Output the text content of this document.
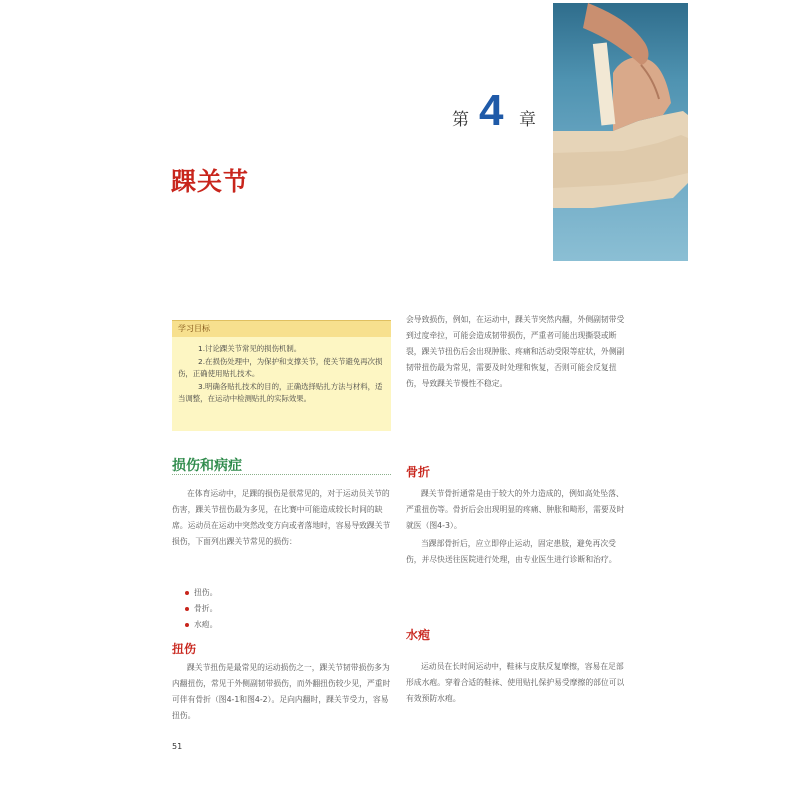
第 4 章
踝关节
学习目标

1.讨论踝关节常见的损伤机制。

2.在损伤处理中，为保护和支撑关节，使关节避免再次损伤，正确使用贴扎技术。

3.明确各贴扎技术的目的，正确选择贴扎方法与材料，适当调整，在运动中检测贴扎的实际效果。

损伤和病症

在体育运动中，足踝的损伤是很常见的，对于运动员关节的伤害，踝关节扭伤最为多见，在比赛中可能造成较长时间的缺席。运动员在运动中突然改变方向或者落地时，容易导致踝关节损伤，下面列出踝关节常见的损伤：

扭伤。
骨折。
水疱。
扭伤

踝关节扭伤是最常见的运动损伤之一，踝关节韧带损伤多为内翻扭伤，常见于外侧副韧带损伤，而外翻扭伤较少见，严重时可伴有骨折（图4-1和图4-2）。足向内翻时，踝关节受力，容易扭伤。

会导致损伤，例如，在运动中，踝关节突然内翻，外侧副韧带受到过度牵拉，可能会造成韧带损伤，严重者可能出现撕裂或断裂，踝关节扭伤后会出现肿胀、疼痛和活动受限等症状，外侧副韧带扭伤最为常见，需要及时处理和恢复，否则可能会反复扭伤，导致踝关节慢性不稳定。

骨折

踝关节骨折通常是由于较大的外力造成的，例如高处坠落、严重扭伤等。骨折后会出现明显的疼痛、肿胀和畸形，需要及时就医（图4-3）。

当踝部骨折后，应立即停止运动，固定患肢，避免再次受伤，并尽快送往医院进行处理，由专业医生进行诊断和治疗。

水疱

运动员在长时间运动中，鞋袜与皮肤反复摩擦，容易在足部形成水疱。穿着合适的鞋袜、使用贴扎保护易受摩擦的部位可以有效预防水疱。

51
